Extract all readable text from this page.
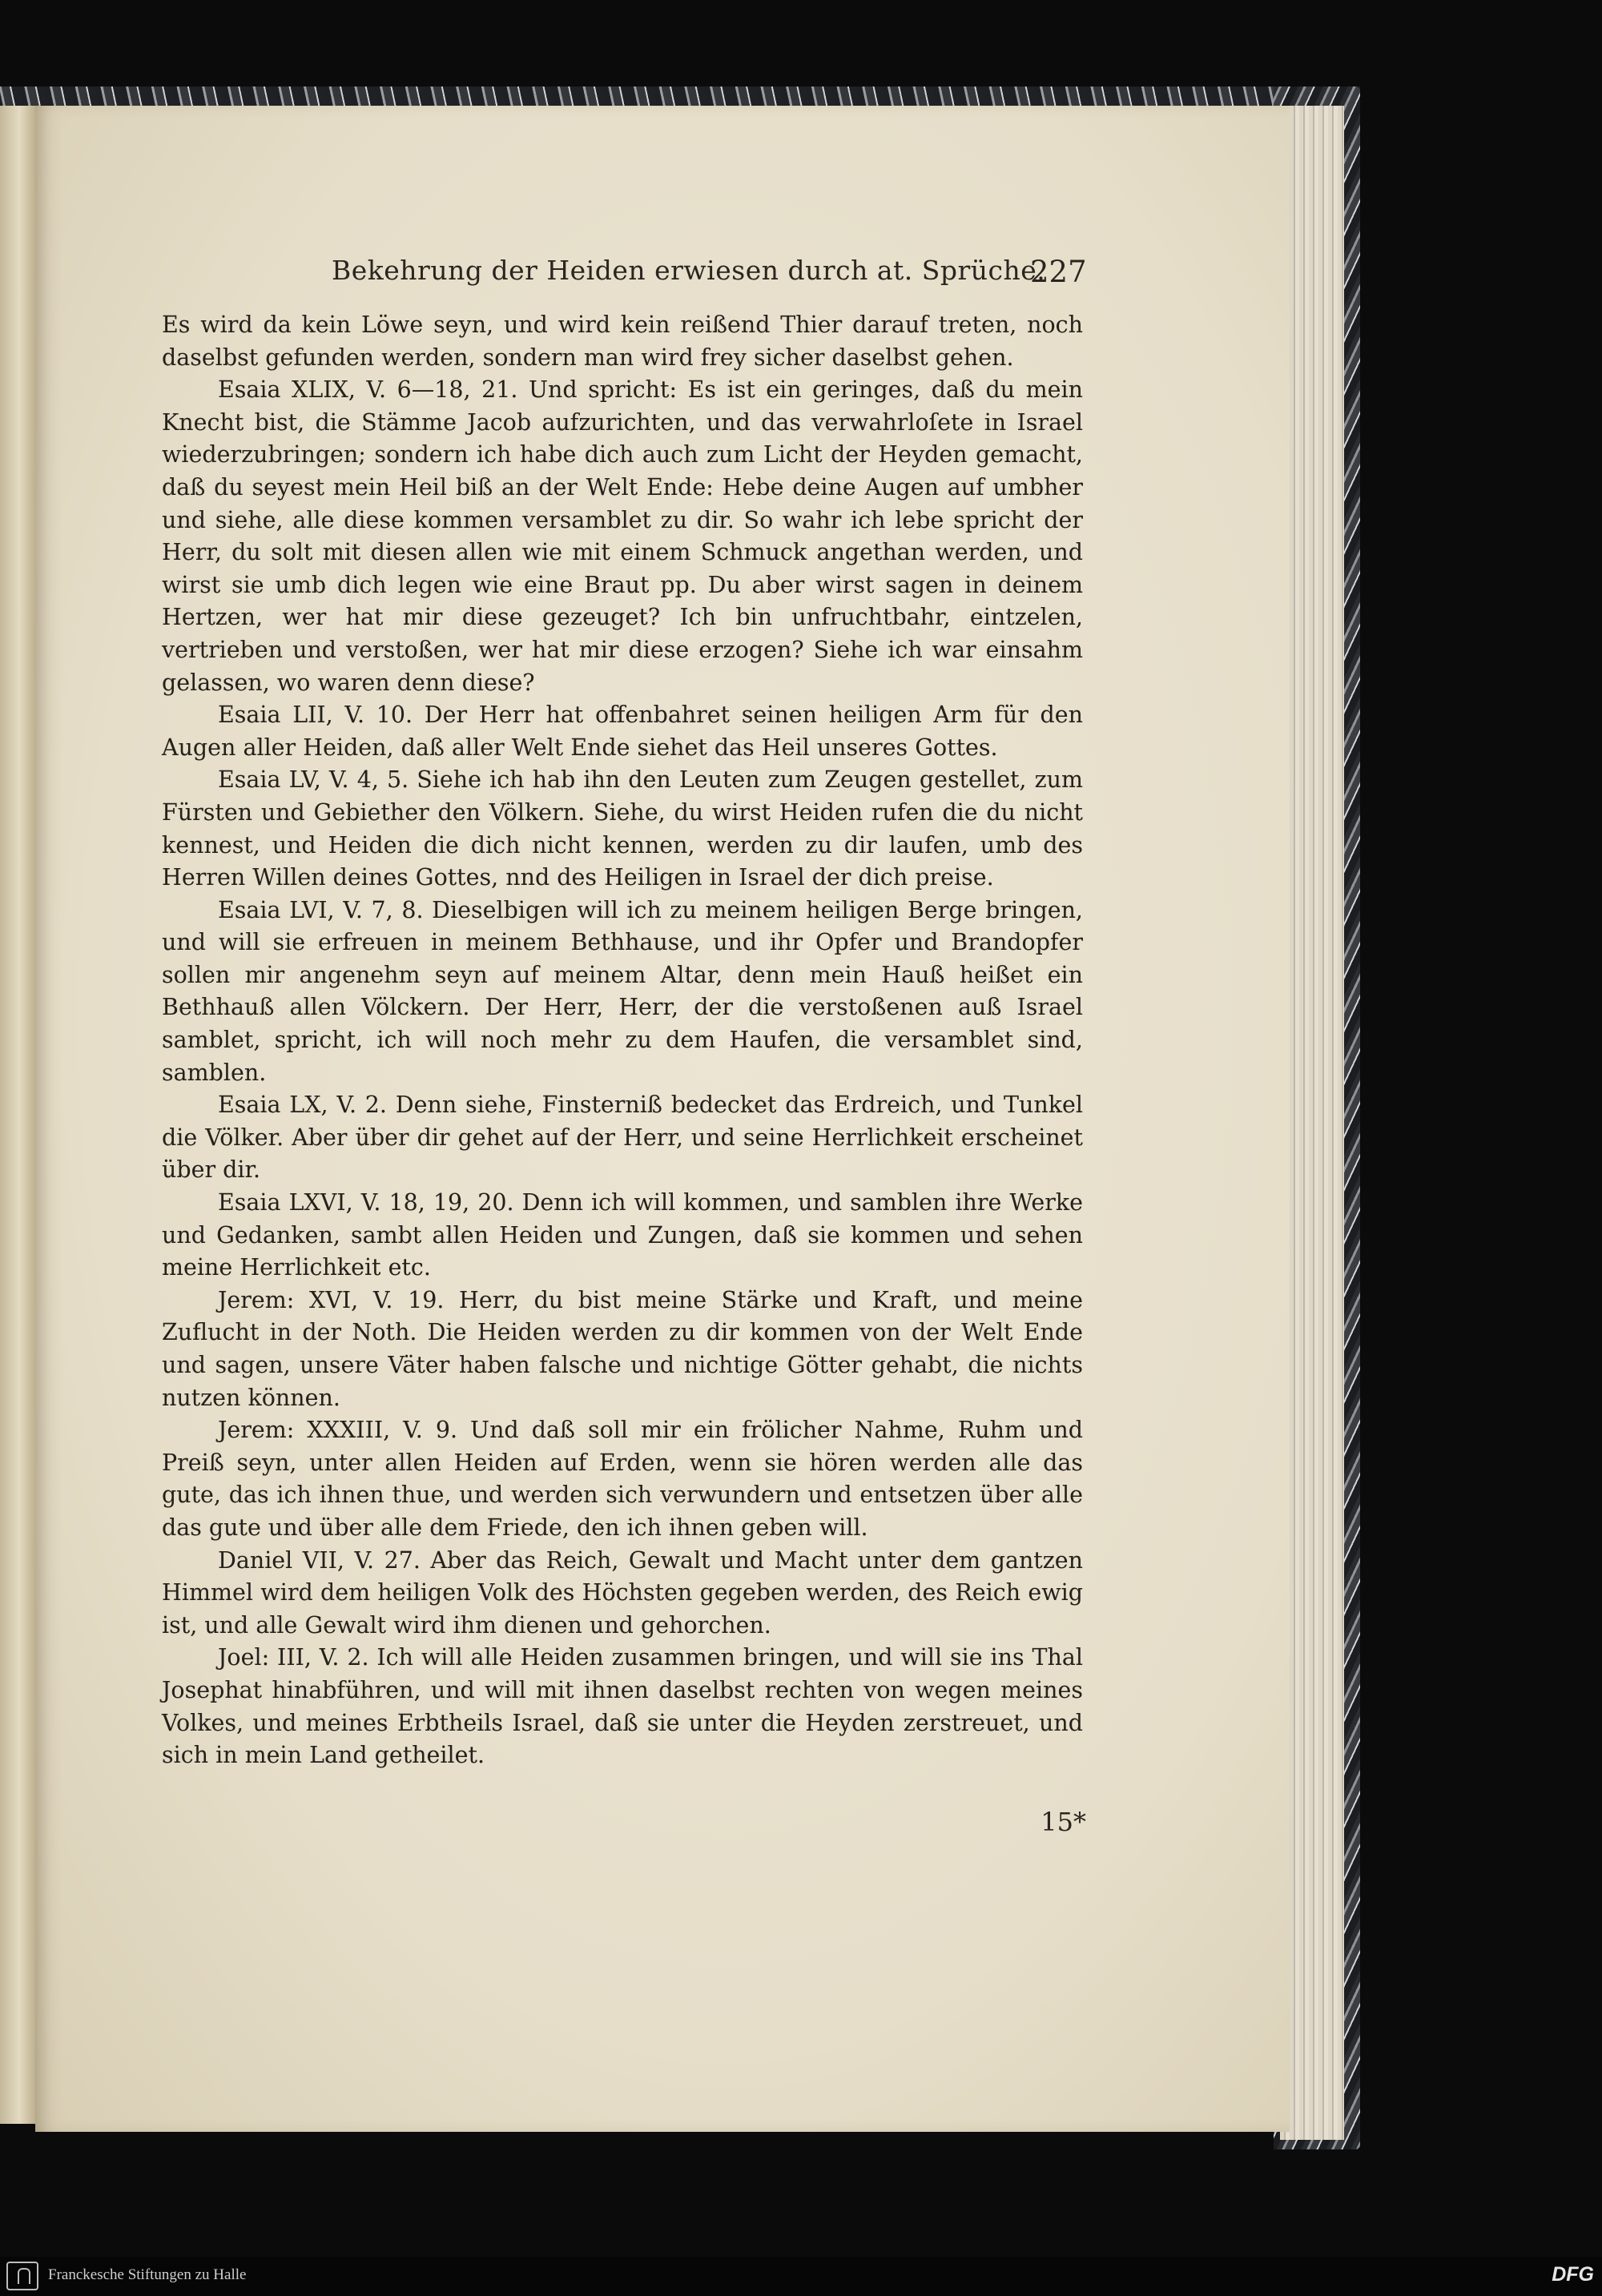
Bekehrung der Heiden erwiesen durch at. Sprüche.
227

Es wird da kein Löwe seyn, und wird kein reißend Thier darauf treten, noch daselbst gefunden werden, sondern man wird frey sicher daselbst gehen.

Esaia XLIX, V. 6—18, 21. Und spricht: Es ist ein geringes, daß du mein Knecht bist, die Stämme Jacob aufzurichten, und das verwahrloſete in Israel wiederzubringen; sondern ich habe dich auch zum Licht der Heyden gemacht, daß du seyest mein Heil biß an der Welt Ende: Hebe deine Augen auf umbher und siehe, alle diese kommen versamblet zu dir. So wahr ich lebe spricht der Herr, du solt mit diesen allen wie mit einem Schmuck angethan werden, und wirst sie umb dich legen wie eine Braut pp. Du aber wirst sagen in deinem Hertzen, wer hat mir diese gezeuget? Ich bin unfruchtbahr, eintzelen, vertrieben und verstoßen, wer hat mir diese erzogen? Siehe ich war einsahm gelassen, wo waren denn diese?

Esaia LII, V. 10. Der Herr hat offenbahret seinen heiligen Arm für den Augen aller Heiden, daß aller Welt Ende siehet das Heil unseres Gottes.

Esaia LV, V. 4, 5. Siehe ich hab ihn den Leuten zum Zeugen gestellet, zum Fürsten und Gebiether den Völkern. Siehe, du wirst Heiden rufen die du nicht kennest, und Heiden die dich nicht kennen, werden zu dir laufen, umb des Herren Willen deines Gottes, nnd des Heiligen in Israel der dich preise.

Esaia LVI, V. 7, 8. Dieselbigen will ich zu meinem heiligen Berge bringen, und will sie erfreuen in meinem Bethhause, und ihr Opfer und Brandopfer sollen mir angenehm seyn auf meinem Altar, denn mein Hauß heißet ein Bethhauß allen Völckern. Der Herr, Herr, der die verstoßenen auß Israel samblet, spricht, ich will noch mehr zu dem Haufen, die versamblet sind, samblen.

Esaia LX, V. 2. Denn siehe, Finsterniß bedecket das Erdreich, und Tunkel die Völker. Aber über dir gehet auf der Herr, und seine Herrlichkeit erscheinet über dir.

Esaia LXVI, V. 18, 19, 20. Denn ich will kommen, und samblen ihre Werke und Gedanken, sambt allen Heiden und Zungen, daß sie kommen und sehen meine Herrlichkeit etc.

Jerem: XVI, V. 19. Herr, du bist meine Stärke und Kraft, und meine Zuflucht in der Noth. Die Heiden werden zu dir kommen von der Welt Ende und sagen, unsere Väter haben falsche und nichtige Götter gehabt, die nichts nutzen können.

Jerem: XXXIII, V. 9. Und daß soll mir ein frölicher Nahme, Ruhm und Preiß seyn, unter allen Heiden auf Erden, wenn sie hören werden alle das gute, das ich ihnen thue, und werden sich verwundern und entsetzen über alle das gute und über alle dem Friede, den ich ihnen geben will.

Daniel VII, V. 27. Aber das Reich, Gewalt und Macht unter dem gantzen Himmel wird dem heiligen Volk des Höchsten gegeben werden, des Reich ewig ist, und alle Gewalt wird ihm dienen und gehorchen.

Joel: III, V. 2. Ich will alle Heiden zusammen bringen, und will sie ins Thal Josephat hinabführen, und will mit ihnen daselbst rechten von wegen meines Volkes, und meines Erbtheils Israel, daß sie unter die Heyden zerstreuet, und sich in mein Land getheilet.

15*
Franckesche Stiftungen zu Halle	DFG
